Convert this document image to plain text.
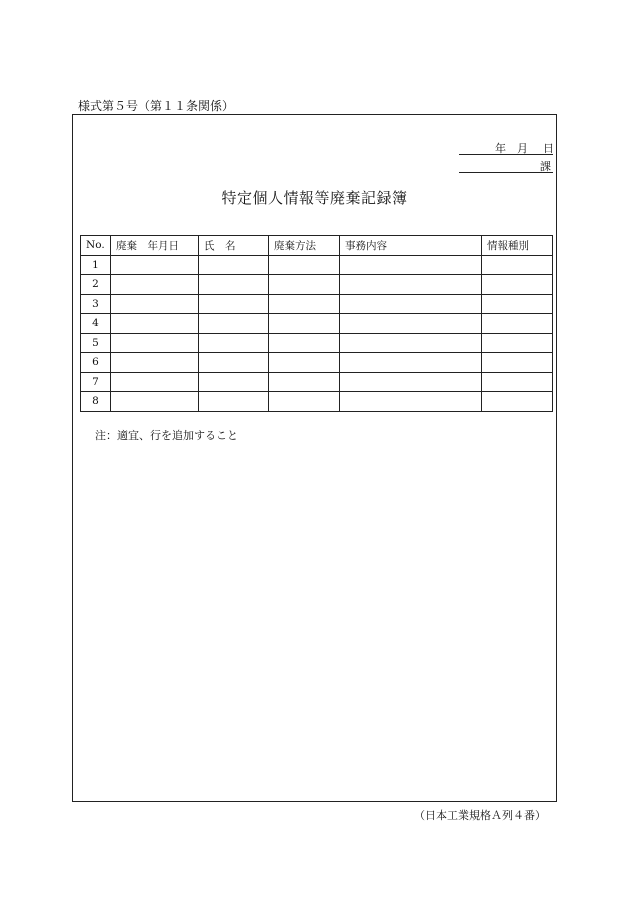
様式第５号（第１１条関係）
年 月 日
課
特定個人情報等廃棄記録簿
No.	廃棄　年月日	氏　名	廃棄方法	事務内容	情報種別
1					
2					
3					
4					
5					
6					
7					
8					
注：適宜、行を追加すること
（日本工業規格Ａ列４番）
